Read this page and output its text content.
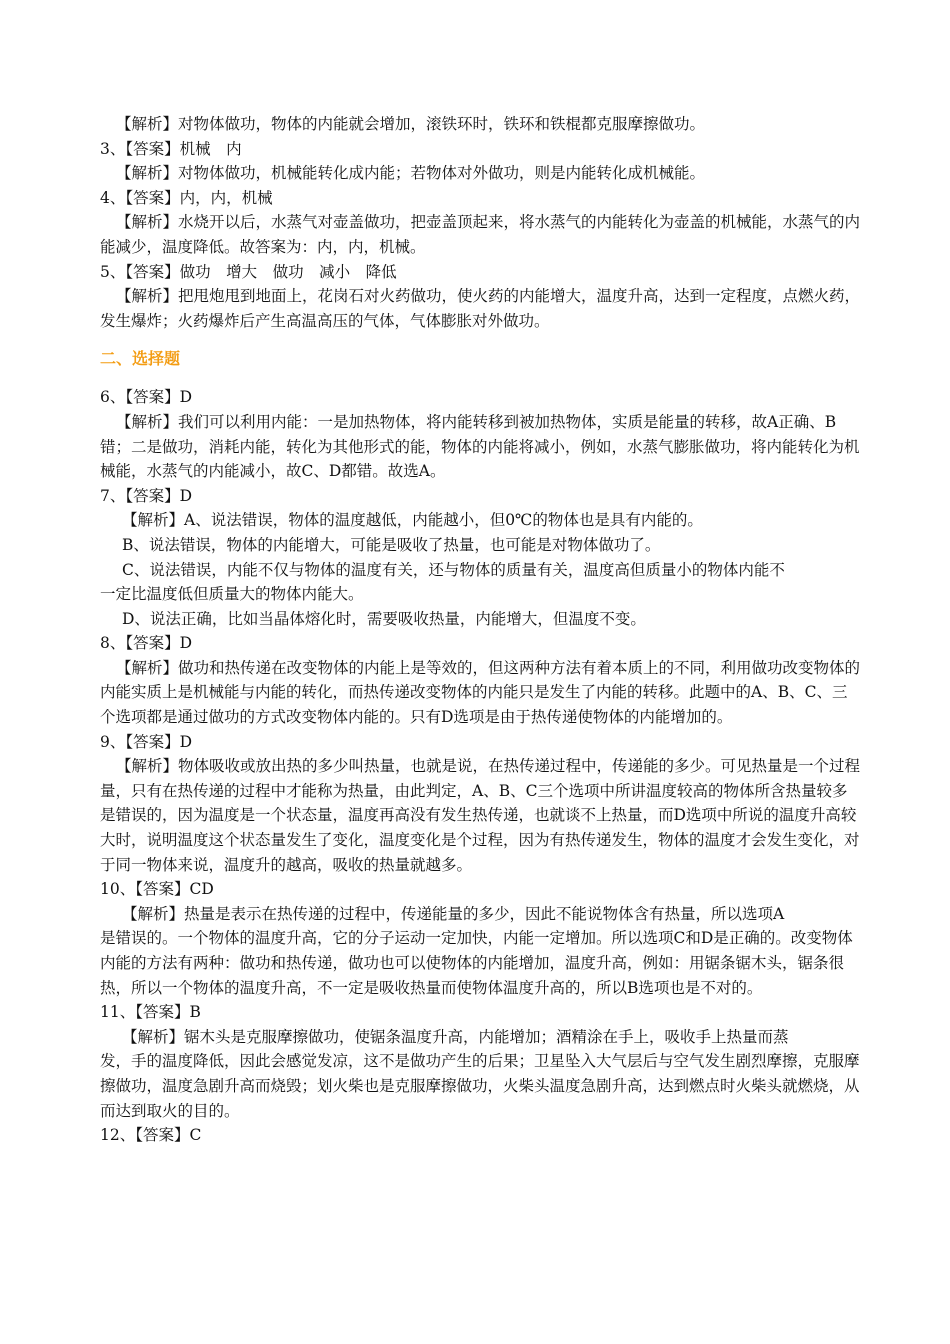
【解析】对物体做功，物体的内能就会增加，滚铁环时，铁环和铁棍都克服摩擦做功。

3、【答案】机械　内

【解析】对物体做功，机械能转化成内能；若物体对外做功，则是内能转化成机械能。

4、【答案】内，内，机械

【解析】水烧开以后，水蒸气对壶盖做功，把壶盖顶起来，将水蒸气的内能转化为壶盖的机械能，水蒸气的内能减少，温度降低。故答案为：内，内，机械。

5、【答案】做功　增大　做功　减小　降低

【解析】把甩炮甩到地面上，花岗石对火药做功，使火药的内能增大，温度升高，达到一定程度，点燃火药，发生爆炸；火药爆炸后产生高温高压的气体，气体膨胀对外做功。

二、选择题

6、【答案】D

【解析】我们可以利用内能：一是加热物体，将内能转移到被加热物体，实质是能量的转移，故A正确、B错；二是做功，消耗内能，转化为其他形式的能，物体的内能将减小，例如，水蒸气膨胀做功，将内能转化为机械能，水蒸气的内能减小，故C、D都错。故选A。

7、【答案】D

【解析】A、说法错误，物体的温度越低，内能越小，但0℃的物体也是具有内能的。

B、说法错误，物体的内能增大，可能是吸收了热量，也可能是对物体做功了。

C、说法错误，内能不仅与物体的温度有关，还与物体的质量有关，温度高但质量小的物体内能不

一定比温度低但质量大的物体内能大。

D、说法正确，比如当晶体熔化时，需要吸收热量，内能增大，但温度不变。

8、【答案】D

【解析】做功和热传递在改变物体的内能上是等效的，但这两种方法有着本质上的不同，利用做功改变物体的内能实质上是机械能与内能的转化，而热传递改变物体的内能只是发生了内能的转移。此题中的A、B、C、三个选项都是通过做功的方式改变物体内能的。只有D选项是由于热传递使物体的内能增加的。

9、【答案】D

【解析】物体吸收或放出热的多少叫热量，也就是说，在热传递过程中，传递能的多少。可见热量是一个过程量，只有在热传递的过程中才能称为热量，由此判定，A、B、C三个选项中所讲温度较高的物体所含热量较多是错误的，因为温度是一个状态量，温度再高没有发生热传递，也就谈不上热量，而D选项中所说的温度升高较大时，说明温度这个状态量发生了变化，温度变化是个过程，因为有热传递发生，物体的温度才会发生变化，对于同一物体来说，温度升的越高，吸收的热量就越多。

10、【答案】CD

【解析】热量是表示在热传递的过程中，传递能量的多少，因此不能说物体含有热量，所以选项A

是错误的。一个物体的温度升高，它的分子运动一定加快，内能一定增加。所以选项C和D是正确的。改变物体内能的方法有两种：做功和热传递，做功也可以使物体的内能增加，温度升高，例如：用锯条锯木头，锯条很热，所以一个物体的温度升高，不一定是吸收热量而使物体温度升高的，所以B选项也是不对的。

11、【答案】B

【解析】锯木头是克服摩擦做功，使锯条温度升高，内能增加；酒精涂在手上，吸收手上热量而蒸

发，手的温度降低，因此会感觉发凉，这不是做功产生的后果；卫星坠入大气层后与空气发生剧烈摩擦，克服摩擦做功，温度急剧升高而烧毁；划火柴也是克服摩擦做功，火柴头温度急剧升高，达到燃点时火柴头就燃烧，从而达到取火的目的。

12、【答案】C
